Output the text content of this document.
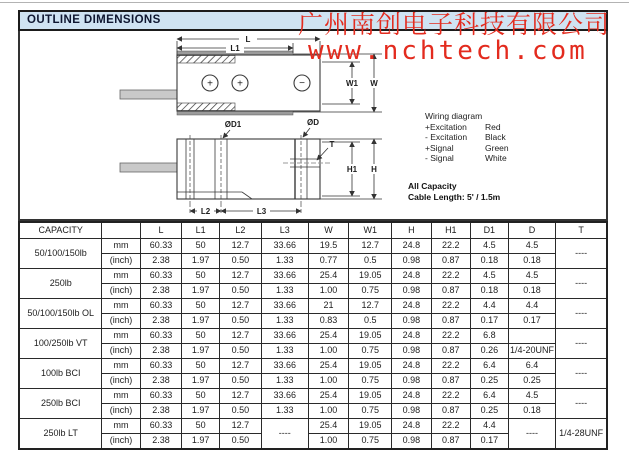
OUTLINE DIMENSIONS
+ +	−
L
L1
W1 W
H1 H
L2	L3
ØD1	ØD
T
Wiring diagram
+Excitation	Red
- Excitation	Black
+Signal	Green
- Signal	White
All Capacity
Cable Length: 5' / 1.5m
CAPACITY		L	L1	L2	L3	W	W1	H	H1	D1	D	T
50/100/150lb	mm	60.33	50	12.7	33.66	19.5	12.7	24.8	22.2	4.5	4.5	----
	(inch)	2.38	1.97	0.50	1.33	0.77	0.5	0.98	0.87	0.18	0.18	
250lb	mm	60.33	50	12.7	33.66	25.4	19.05	24.8	22.2	4.5	4.5	----
	(inch)	2.38	1.97	0.50	1.33	1.00	0.75	0.98	0.87	0.18	0.18	
50/100/150lb OL	mm	60.33	50	12.7	33.66	21	12.7	24.8	22.2	4.4	4.4	----
	(inch)	2.38	1.97	0.50	1.33	0.83	0.5	0.98	0.87	0.17	0.17	
100/250lb VT	mm	60.33	50	12.7	33.66	25.4	19.05	24.8	22.2	6.8		----
	(inch)	2.38	1.97	0.50	1.33	1.00	0.75	0.98	0.87	0.26	1/4-20UNF	
100lb BCI	mm	60.33	50	12.7	33.66	25.4	19.05	24.8	22.2	6.4	6.4	----
	(inch)	2.38	1.97	0.50	1.33	1.00	0.75	0.98	0.87	0.25	0.25	
250lb BCI	mm	60.33	50	12.7	33.66	25.4	19.05	24.8	22.2	6.4	4.5	----
	(inch)	2.38	1.97	0.50	1.33	1.00	0.75	0.98	0.87	0.25	0.18	
250lb LT	mm	60.33	50	12.7	----	25.4	19.05	24.8	22.2	4.4	----	1/4-28UNF
	(inch)	2.38	1.97	0.50		1.00	0.75	0.98	0.87	0.17		
广州南创电子科技有限公司
www.nchtech.com
